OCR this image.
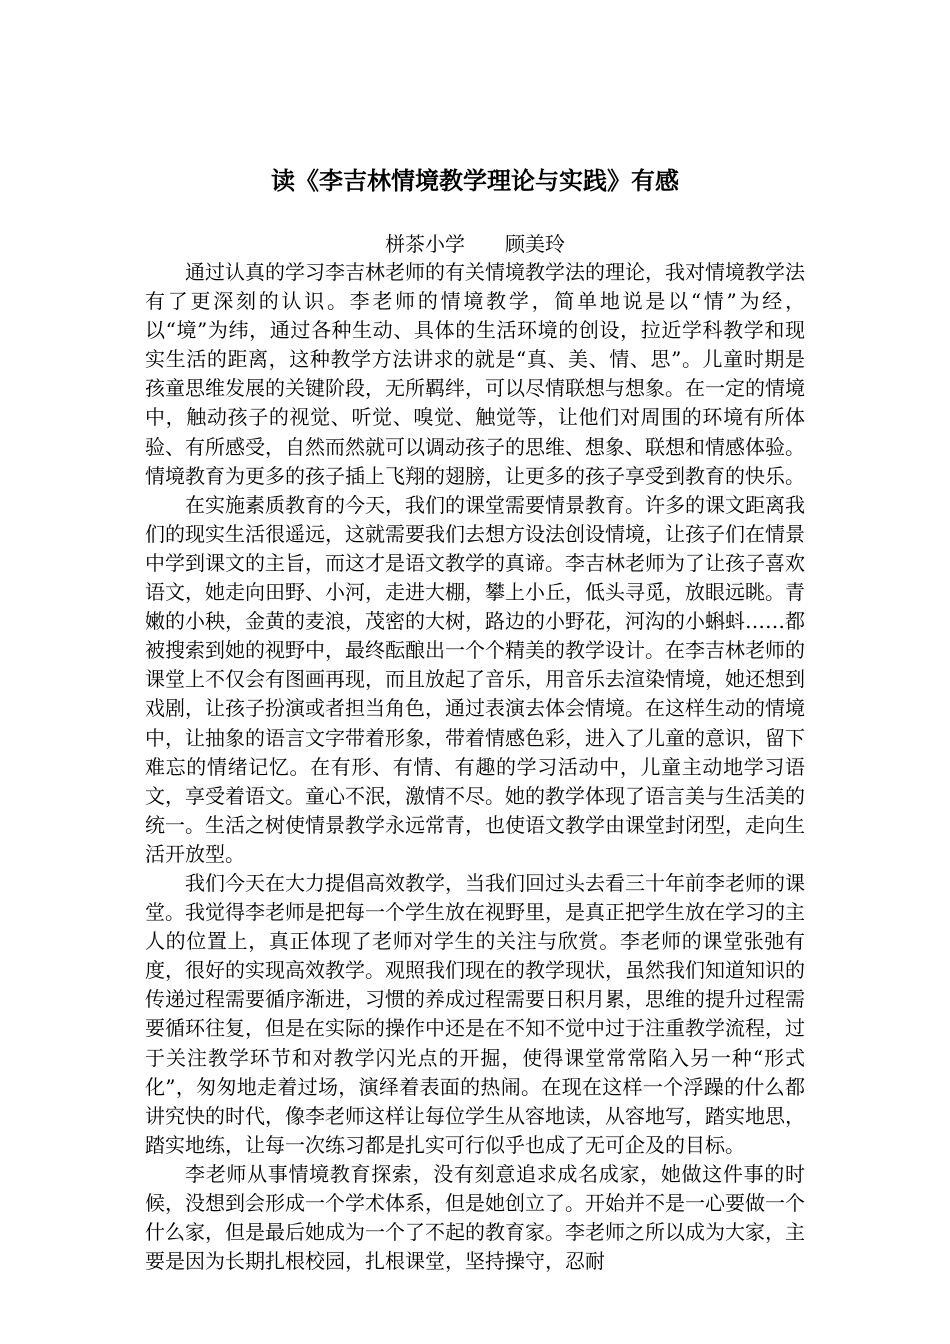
读《李吉林情境教学理论与实践》有感
栟茶小学　　顾美玲

通过认真的学习李吉林老师的有关情境教学法的理论，我对情境教学法有了更深刻的认识。李老师的情境教学，简单地说是以“情”为经，以“境”为纬，通过各种生动、具体的生活环境的创设，拉近学科教学和现实生活的距离，这种教学方法讲求的就是“真、美、情、思”。儿童时期是孩童思维发展的关键阶段，无所羁绊，可以尽情联想与想象。在一定的情境中，触动孩子的视觉、听觉、嗅觉、触觉等，让他们对周围的环境有所体验、有所感受，自然而然就可以调动孩子的思维、想象、联想和情感体验。情境教育为更多的孩子插上飞翔的翅膀，让更多的孩子享受到教育的快乐。

在实施素质教育的今天，我们的课堂需要情景教育。许多的课文距离我们的现实生活很遥远，这就需要我们去想方设法创设情境，让孩子们在情景中学到课文的主旨，而这才是语文教学的真谛。李吉林老师为了让孩子喜欢语文，她走向田野、小河，走进大棚，攀上小丘，低头寻觅，放眼远眺。青嫩的小秧，金黄的麦浪，茂密的大树，路边的小野花，河沟的小蝌蚪……都被搜索到她的视野中，最终酝酿出一个个精美的教学设计。在李吉林老师的课堂上不仅会有图画再现，而且放起了音乐，用音乐去渲染情境，她还想到戏剧，让孩子扮演或者担当角色，通过表演去体会情境。在这样生动的情境中，让抽象的语言文字带着形象，带着情感色彩，进入了儿童的意识，留下难忘的情绪记忆。在有形、有情、有趣的学习活动中，儿童主动地学习语文，享受着语文。童心不泯，激情不尽。她的教学体现了语言美与生活美的统一。生活之树使情景教学永远常青，也使语文教学由课堂封闭型，走向生活开放型。

我们今天在大力提倡高效教学，当我们回过头去看三十年前李老师的课堂。我觉得李老师是把每一个学生放在视野里，是真正把学生放在学习的主人的位置上，真正体现了老师对学生的关注与欣赏。李老师的课堂张弛有度，很好的实现高效教学。观照我们现在的教学现状，虽然我们知道知识的传递过程需要循序渐进，习惯的养成过程需要日积月累，思维的提升过程需要循环往复，但是在实际的操作中还是在不知不觉中过于注重教学流程，过于关注教学环节和对教学闪光点的开掘，使得课堂常常陷入另一种“形式化”，匆匆地走着过场，演绎着表面的热闹。在现在这样一个浮躁的什么都讲究快的时代，像李老师这样让每位学生从容地读，从容地写，踏实地思，踏实地练，让每一次练习都是扎实可行似乎也成了无可企及的目标。

李老师从事情境教育探索，没有刻意追求成名成家，她做这件事的时候，没想到会形成一个学术体系，但是她创立了。开始并不是一心要做一个什么家，但是最后她成为一个了不起的教育家。李老师之所以成为大家，主要是因为长期扎根校园，扎根课堂，坚持操守，忍耐
